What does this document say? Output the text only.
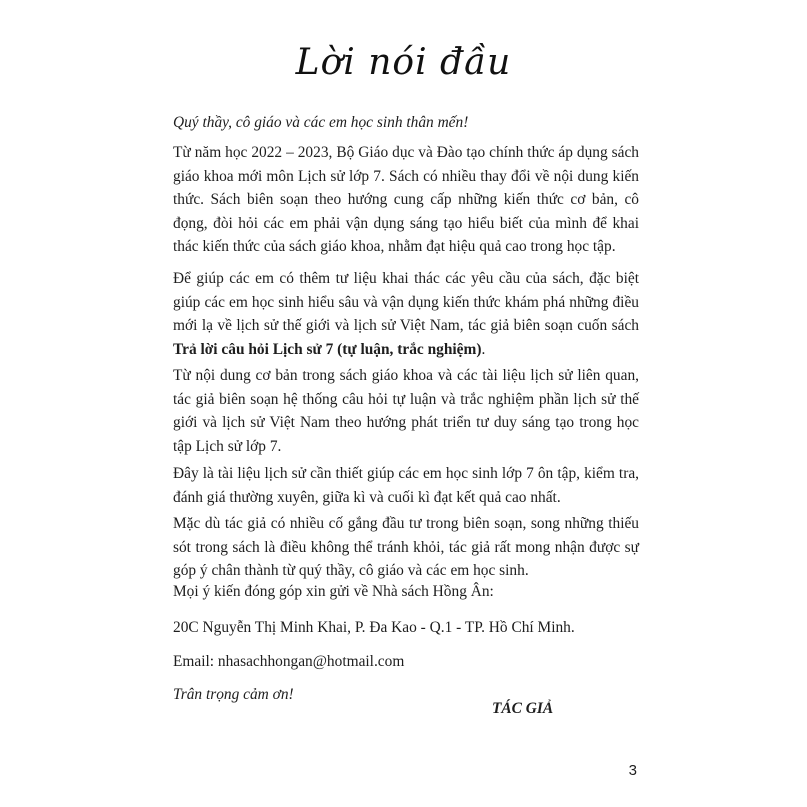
Lời nói đầu
Quý thầy, cô giáo và các em học sinh thân mến!
Từ năm học 2022 – 2023, Bộ Giáo dục và Đào tạo chính thức áp dụng sách giáo khoa mới môn Lịch sử lớp 7. Sách có nhiều thay đổi về nội dung kiến thức. Sách biên soạn theo hướng cung cấp những kiến thức cơ bản, cô đọng, đòi hỏi các em phải vận dụng sáng tạo hiểu biết của mình để khai thác kiến thức của sách giáo khoa, nhằm đạt hiệu quả cao trong học tập.
Để giúp các em có thêm tư liệu khai thác các yêu cầu của sách, đặc biệt giúp các em học sinh hiểu sâu và vận dụng kiến thức khám phá những điều mới lạ về lịch sử thế giới và lịch sử Việt Nam, tác giả biên soạn cuốn sách Trả lời câu hỏi Lịch sử 7 (tự luận, trắc nghiệm).
Từ nội dung cơ bản trong sách giáo khoa và các tài liệu lịch sử liên quan, tác giả biên soạn hệ thống câu hỏi tự luận và trắc nghiệm phần lịch sử thế giới và lịch sử Việt Nam theo hướng phát triển tư duy sáng tạo trong học tập Lịch sử lớp 7.
Đây là tài liệu lịch sử cần thiết giúp các em học sinh lớp 7 ôn tập, kiểm tra, đánh giá thường xuyên, giữa kì và cuối kì đạt kết quả cao nhất.
Mặc dù tác giả có nhiều cố gắng đầu tư trong biên soạn, song những thiếu sót trong sách là điều không thể tránh khỏi, tác giả rất mong nhận được sự góp ý chân thành từ quý thầy, cô giáo và các em học sinh.
Mọi ý kiến đóng góp xin gửi về Nhà sách Hồng Ân:
20C Nguyễn Thị Minh Khai, P. Đa Kao - Q.1 - TP. Hồ Chí Minh.
Email: nhasachhongan@hotmail.com
Trân trọng cảm ơn!
TÁC GIẢ
3
